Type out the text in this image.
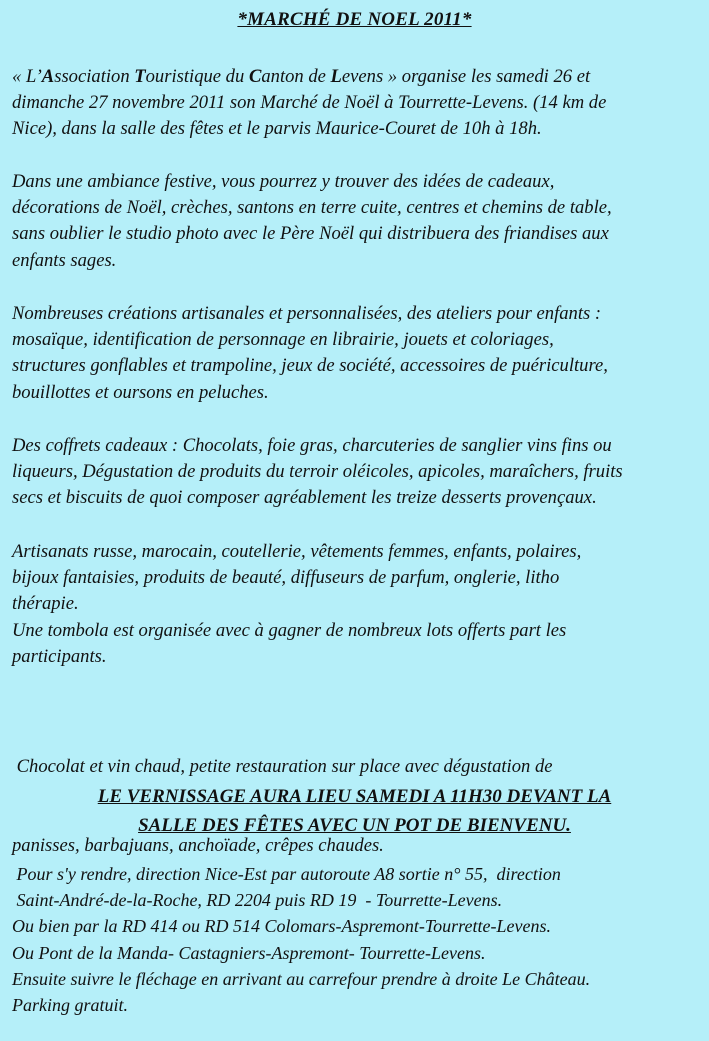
*MARCHÉ DE NOEL 2011*

« L’Association Touristique du Canton de Levens » organise les samedi 26 et
dimanche 27 novembre 2011 son Marché de Noël à Tourrette-Levens. (14 km de
Nice), dans la salle des fêtes et le parvis Maurice-Couret de 10h à 18h.

Dans une ambiance festive, vous pourrez y trouver des idées de cadeaux,
décorations de Noël, crèches, santons en terre cuite, centres et chemins de table,
sans oublier le studio photo avec le Père Noël qui distribuera des friandises aux
enfants sages.

Nombreuses créations artisanales et personnalisées, des ateliers pour enfants :
mosaïque, identification de personnage en librairie, jouets et coloriages,
structures gonflables et trampoline, jeux de société, accessoires de puériculture,
bouillottes et oursons en peluches.

Des coffrets cadeaux : Chocolats, foie gras, charcuteries de sanglier vins fins ou
liqueurs, Dégustation de produits du terroir oléicoles, apicoles, maraîchers, fruits
secs et biscuits de quoi composer agréablement les treize desserts provençaux.

Artisanats russe, marocain, coutellerie, vêtements femmes, enfants, polaires,
bijoux fantaisies, produits de beauté, diffuseurs de parfum, onglerie, litho
thérapie.
Une tombola est organisée avec à gagner de nombreux lots offerts part les
participants.

Chocolat et vin chaud, petite restauration sur place avec dégustation de

panisses, barbajuans, anchoïade, crêpes chaudes.

LE VERNISSAGE AURA LIEU SAMEDI A 11H30 DEVANT LA
SALLE DES FÊTES AVEC UN POT DE BIENVENU.
Pour s'y rendre, direction Nice-Est par autoroute A8 sortie n° 55,  direction
Saint-André-de-la-Roche, RD 2204 puis RD 19  - Tourrette-Levens.
Ou bien par la RD 414 ou RD 514 Colomars-Aspremont-Tourrette-Levens.
Ou Pont de la Manda- Castagniers-Aspremont- Tourrette-Levens.
Ensuite suivre le fléchage en arrivant au carrefour prendre à droite Le Château.
Parking gratuit.
